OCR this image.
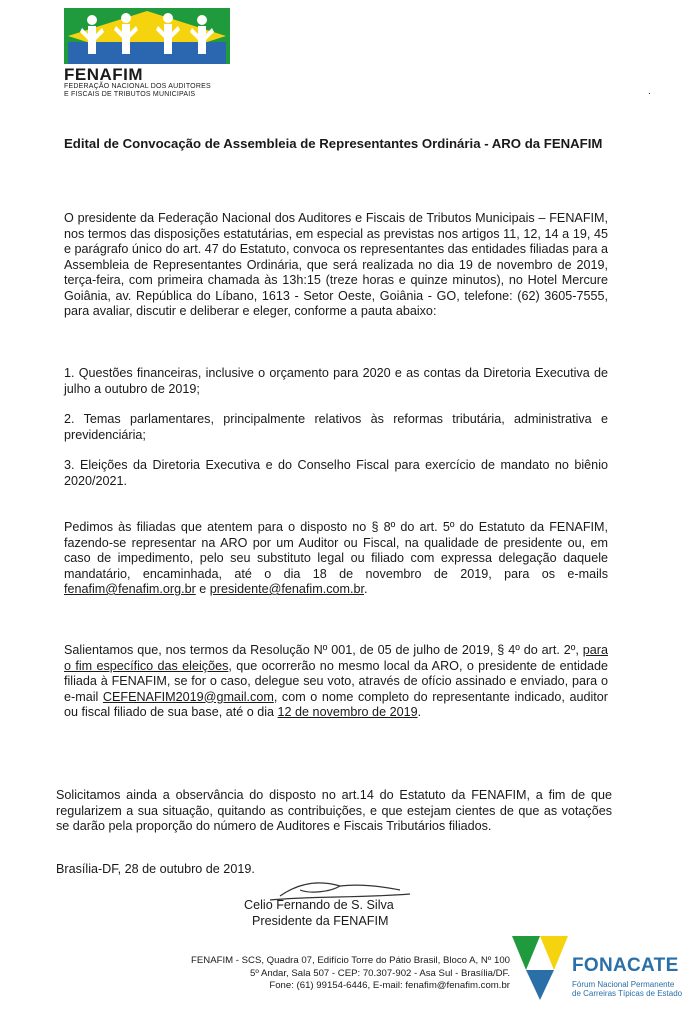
FENAFIM
FEDERAÇÃO NACIONAL DOS AUDITORES
E FISCAIS DE TRIBUTOS MUNICIPAIS	.
Edital de Convocação de Assembleia de Representantes Ordinária - ARO da FENAFIM

O presidente da Federação Nacional dos Auditores e Fiscais de Tributos Municipais – FENAFIM, nos termos das disposições estatutárias, em especial as previstas nos artigos 11, 12, 14 a 19, 45 e parágrafo único do art. 47 do Estatuto, convoca os representantes das entidades filiadas para a Assembleia de Representantes Ordinária, que será realizada no dia 19 de novembro de 2019, terça-feira, com primeira chamada às 13h:15 (treze horas e quinze minutos), no Hotel Mercure Goiânia, av. República do Líbano, 1613 - Setor Oeste, Goiânia - GO, telefone: (62) 3605-7555, para avaliar, discutir e deliberar e eleger, conforme a pauta abaixo:

1. Questões financeiras, inclusive o orçamento para 2020 e as contas da Diretoria Executiva de julho a outubro de 2019;

2. Temas parlamentares, principalmente relativos às reformas tributária, administrativa e previdenciária;

3. Eleições da Diretoria Executiva e do Conselho Fiscal para exercício de mandato no biênio 2020/2021.

Pedimos às filiadas que atentem para o disposto no § 8º do art. 5º do Estatuto da FENAFIM, fazendo-se representar na ARO por um Auditor ou Fiscal, na qualidade de presidente ou, em caso de impedimento, pelo seu substituto legal ou filiado com expressa delegação daquele mandatário, encaminhada, até o dia 18 de novembro de 2019, para os e-mails fenafim@fenafim.org.br e presidente@fenafim.com.br.

Salientamos que, nos termos da Resolução Nº 001, de 05 de julho de 2019, § 4º do art. 2º, para o fim específico das eleições, que ocorrerão no mesmo local da ARO, o presidente de entidade filiada à FENAFIM, se for o caso, delegue seu voto, através de ofício assinado e enviado, para o e-mail CEFENAFIM2019@gmail.com, com o nome completo do representante indicado, auditor ou fiscal filiado de sua base, até o dia 12 de novembro de 2019.

Solicitamos ainda a observância do disposto no art.14 do Estatuto da FENAFIM, a fim de que regularizem a sua situação, quitando as contribuições, e que estejam cientes de que as votações se darão pela proporção do número de Auditores e Fiscais Tributários filiados.

Brasília-DF, 28 de outubro de 2019.
Celio Fernando de S. Silva
Presidente da FENAFIM
FENAFIM - SCS, Quadra 07, Edifício Torre do Pátio Brasil, Bloco A, Nº 100
5º Andar, Sala 507 - CEP: 70.307-902 - Asa Sul - Brasília/DF.
Fone: (61) 99154-6446, E-mail: fenafim@fenafim.com.br
FONACATE
Fórum Nacional Permanente
de Carreiras Típicas de Estado
